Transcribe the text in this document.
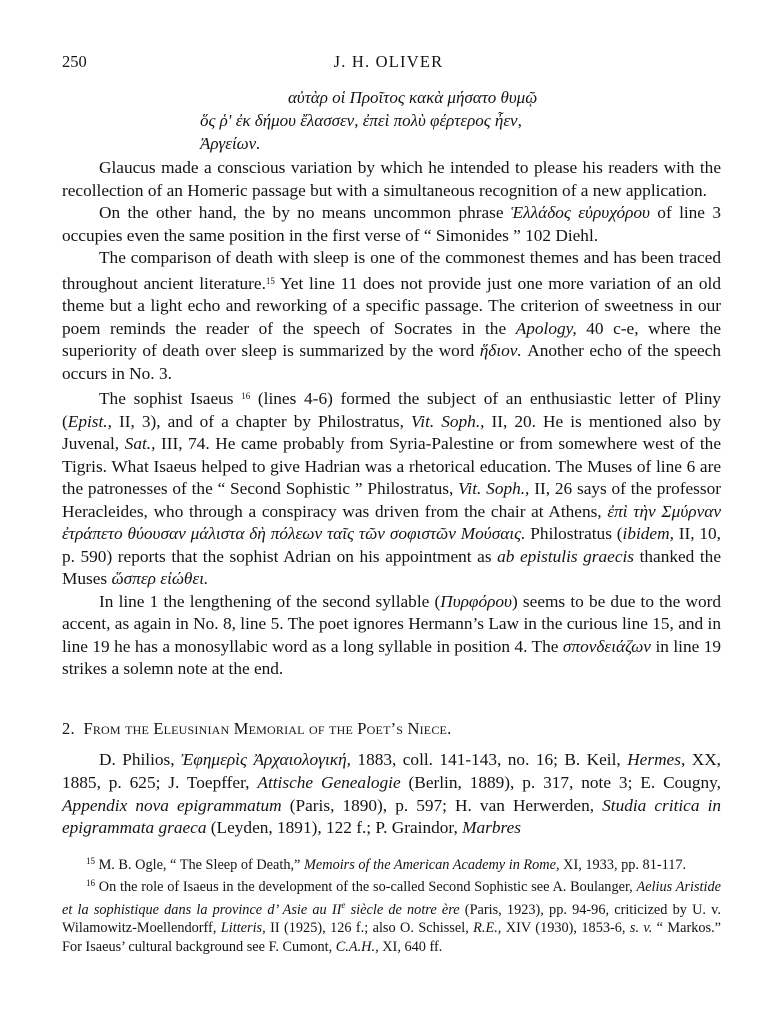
250	J. H. OLIVER
αὐτὰρ οἱ Προῖτος κακὰ μήσατο θυμῷ
ὅς ῥ' ἐκ δήμου ἔλασσεν, ἐπεὶ πολὺ φέρτερος ἦεν,
Ἀργείων.

Glaucus made a conscious variation by which he intended to please his readers with the recollection of an Homeric passage but with a simultaneous recognition of a new application.

On the other hand, the by no means uncommon phrase Ἑλλάδος εὐρυχόρου of line 3 occupies even the same position in the first verse of “ Simonides ” 102 Diehl.

The comparison of death with sleep is one of the commonest themes and has been traced throughout ancient literature.$^{15}$ Yet line 11 does not provide just one more variation of an old theme but a light echo and reworking of a specific passage. The criterion of sweetness in our poem reminds the reader of the speech of Socrates in the Apology, 40 c-e, where the superiority of death over sleep is summarized by the word ἥδιον. Another echo of the speech occurs in No. 3.

The sophist Isaeus $^{16}$ (lines 4-6) formed the subject of an enthusiastic letter of Pliny (Epist., II, 3), and of a chapter by Philostratus, Vit. Soph., II, 20. He is mentioned also by Juvenal, Sat., III, 74. He came probably from Syria-Palestine or from somewhere west of the Tigris. What Isaeus helped to give Hadrian was a rhetorical education. The Muses of line 6 are the patronesses of the “ Second Sophistic ” Philostratus, Vit. Soph., II, 26 says of the professor Heracleides, who through a conspiracy was driven from the chair at Athens, ἐπὶ τὴν Σμύρναν ἐτράπετο θύουσαν μάλιστα δὴ πόλεων ταῖς τῶν σοφιστῶν Μούσαις. Philostratus (ibidem, II, 10, p. 590) reports that the sophist Adrian on his appointment as ab epistulis graecis thanked the Muses ὥσπερ εἰώθει.

In line 1 the lengthening of the second syllable (Πυρφόρου) seems to be due to the word accent, as again in No. 8, line 5. The poet ignores Hermann’s Law in the curious line 15, and in line 19 he has a monosyllabic word as a long syllable in position 4. The σπονδειάζων in line 19 strikes a solemn note at the end.

2. From the Eleusinian Memorial of the Poet’s Niece.

D. Philios, Ἐφημερὶς Ἀρχαιολογική, 1883, coll. 141-143, no. 16; B. Keil, Hermes, XX, 1885, p. 625; J. Toepffer, Attische Genealogie (Berlin, 1889), p. 317, note 3; E. Cougny, Appendix nova epigrammatum (Paris, 1890), p. 597; H. van Herwerden, Studia critica in epigrammata graeca (Leyden, 1891), 122 f.; P. Graindor, Marbres

$^{15}$ M. B. Ogle, “ The Sleep of Death,” Memoirs of the American Academy in Rome, XI, 1933, pp. 81-117.

$^{16}$ On the role of Isaeus in the development of the so-called Second Sophistic see A. Boulanger, Aelius Aristide et la sophistique dans la province d’ Asie au IIe siècle de notre ère (Paris, 1923), pp. 94-96, criticized by U. v. Wilamowitz-Moellendorff, Litteris, II (1925), 126 f.; also O. Schissel, R.E., XIV (1930), 1853-6, s. v. “ Markos.” For Isaeus’ cultural background see F. Cumont, C.A.H., XI, 640 ff.
